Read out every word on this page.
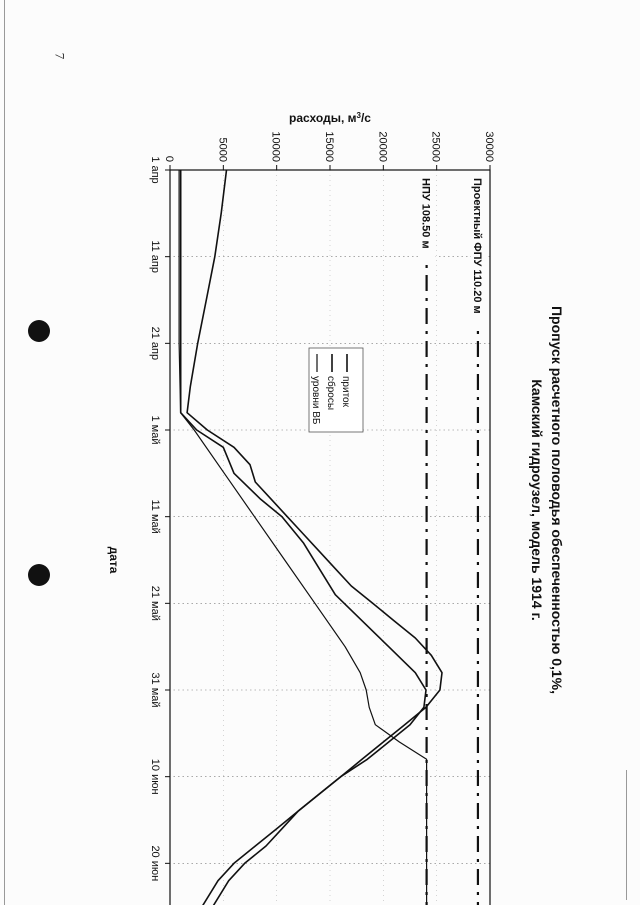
7
Проектный ФПУ 110.20 м
НПУ 108.50 м
1 апр
11 апр
21 апр
1 май
11 май
21 май
31 май
10 июн
20 июн
0	5000	10000	15000	20000	25000	30000
Пропуск расчетного половодья обеспеченностью 0,1%,
Камский гидроузел, модель 1914 г.
дата
расходы, $м^3/с$
приток
сбросы
уровни ВБ
